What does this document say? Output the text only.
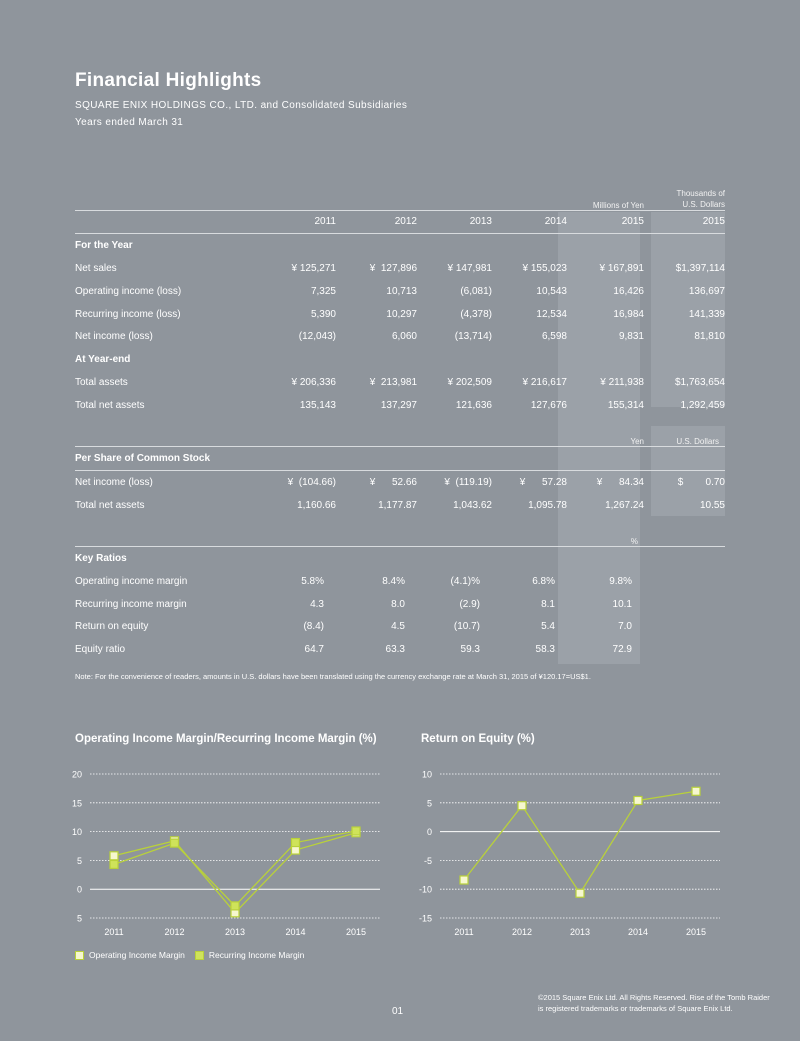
Financial Highlights
SQUARE ENIX HOLDINGS CO., LTD. and Consolidated Subsidiaries
Years ended March 31
					Millions of Yen	Thousands of
U.S. Dollars
	2011	2012	2013	2014	2015	2015
For the Year						
Net sales	¥ 125,271	¥  127,896	¥ 147,981	¥ 155,023	¥ 167,891	$1,397,114
Operating income (loss)	7,325	10,713	(6,081)	10,543	16,426	136,697
Recurring income (loss)	5,390	10,297	(4,378)	12,534	16,984	141,339
Net income (loss)	(12,043)	6,060	(13,714)	6,598	9,831	81,810
At Year-end						
Total assets	¥ 206,336	¥  213,981	¥ 202,509	¥ 216,617	¥ 211,938	$1,763,654
Total net assets	135,143	137,297	121,636	127,676	155,314	1,292,459
					Yen	U.S. Dollars
Per Share of Common Stock						
Net income (loss)	¥  (104.66)	¥      52.66	¥  (119.19)	¥      57.28	¥      84.34	$        0.70
Total net assets	1,160.66	1,177.87	1,043.62	1,095.78	1,267.24	10.55
					%	
Key Ratios						
Operating income margin	5.8%	8.4%	(4.1)%	6.8%	9.8%	
Recurring income margin	4.3	8.0	(2.9)	8.1	10.1	
Return on equity	(8.4)	4.5	(10.7)	5.4	7.0	
Equity ratio	64.7	63.3	59.3	58.3	72.9	
Note: For the convenience of readers, amounts in U.S. dollars have been translated using the currency exchange rate at March 31, 2015 of ¥120.17=US$1.
Operating Income Margin/Recurring Income Margin (%)
20
15
10
5
0
5
2011	2012	2013	2014	2015
Return on Equity (%)
10
5
0
-5
-10
-15
2011	2012	2013	2014	2015
Operating Income Margin	Recurring Income Margin
01
©2015 Square Enix Ltd. All Rights Reserved. Rise of the Tomb Raider
is registered trademarks or trademarks of Square Enix Ltd.
